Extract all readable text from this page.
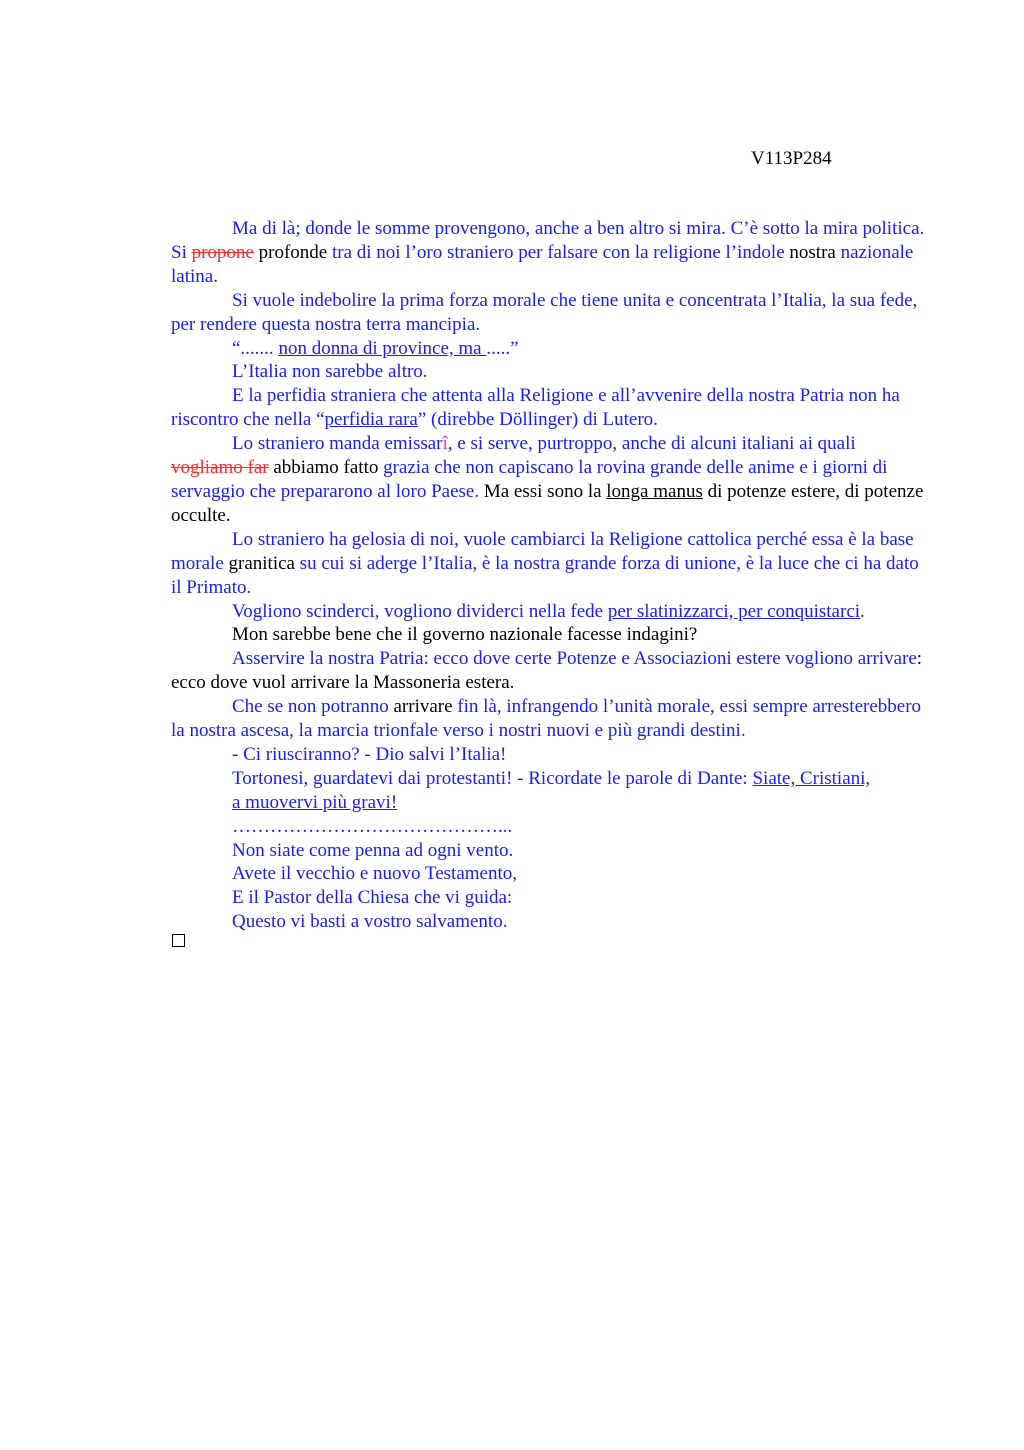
V113P284

Ma di là; donde le somme provengono, anche a ben altro si mira. C’è sotto la mira politica. Si propone profonde tra di noi l’oro straniero per falsare con la religione l’indole nostra nazionale latina.

Si vuole indebolire la prima forza morale che tiene unita e concentrata l’Italia, la sua fede, per rendere questa nostra terra mancipia.

“....... non donna di province, ma .....”

L’Italia non sarebbe altro.

E la perfidia straniera che attenta alla Religione e all’avvenire della nostra Patria non ha riscontro che nella “perfidia rara” (direbbe Döllinger) di Lutero.

Lo straniero manda emissarî, e si serve, purtroppo, anche di alcuni italiani ai quali vogliamo far abbiamo fatto grazia che non capiscano la rovina grande delle anime e i giorni di servaggio che prepararono al loro Paese. Ma essi sono la longa manus di potenze estere, di potenze occulte.

Lo straniero ha gelosia di noi, vuole cambiarci la Religione cattolica perché essa è la base morale granitica su cui si aderge l’Italia, è la nostra grande forza di unione, è la luce che ci ha dato il Primato.

Vogliono scinderci, vogliono dividerci nella fede per slatinizzarci, per conquistarci.

Mon sarebbe bene che il governo nazionale facesse indagini?

Asservire la nostra Patria: ecco dove certe Potenze e Associazioni estere vogliono arrivare: ecco dove vuol arrivare la Massoneria estera.

Che se non potranno arrivare fin là, infrangendo l’unità morale, essi sempre arresterebbero la nostra ascesa, la marcia trionfale verso i nostri nuovi e più grandi destini.

- Ci riusciranno? - Dio salvi l’Italia!

Tortonesi, guardatevi dai protestanti! - Ricordate le parole di Dante: Siate, Cristiani,
a muovervi più gravi!

……………………………………...
Non siate come penna ad ogni vento.
Avete il vecchio e nuovo Testamento,
E il Pastor della Chiesa che vi guida:
Questo vi basti a vostro salvamento.
